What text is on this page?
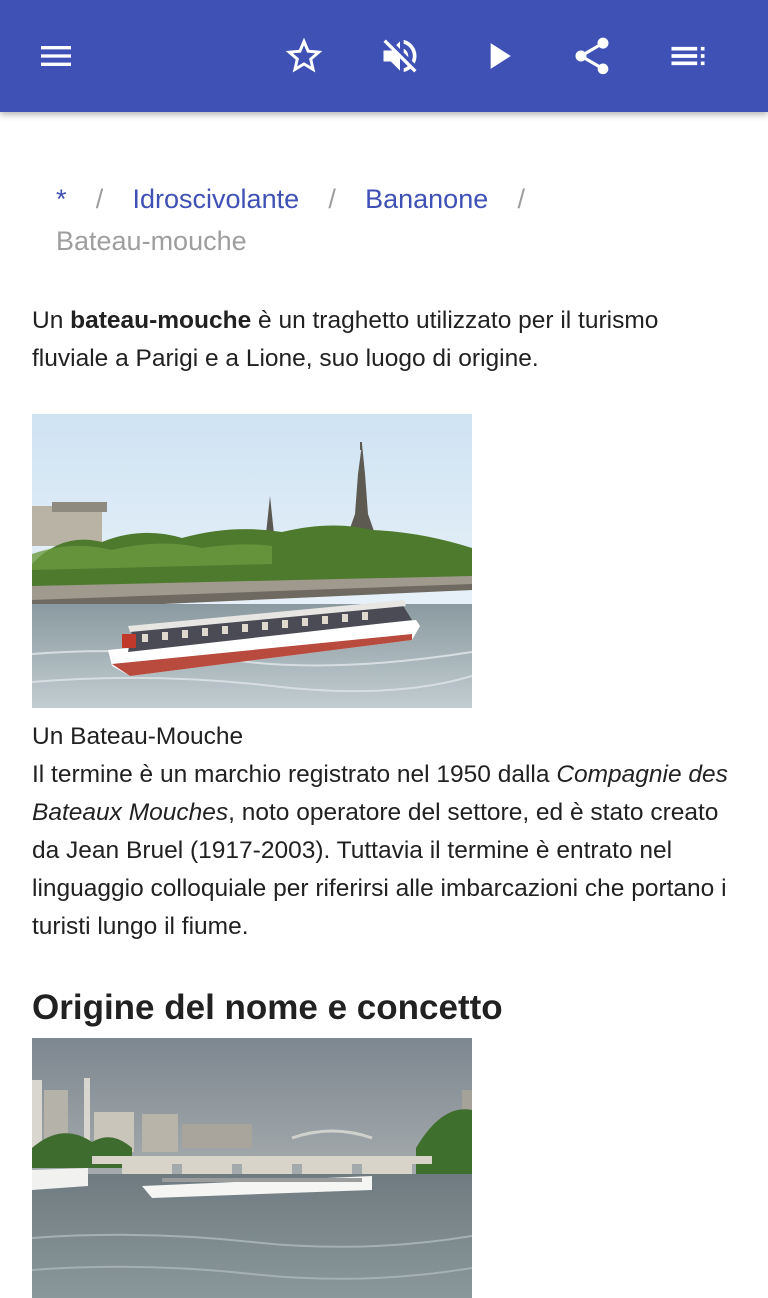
* / Idroscivolante / Bananone /
Bateau-mouche

Un bateau-mouche è un traghetto utilizzato per il turismo fluviale a Parigi e a Lione, suo luogo di origine.

Un Bateau-Mouche

Il termine è un marchio registrato nel 1950 dalla Compagnie des Bateaux Mouches, noto operatore del settore, ed è stato creato da Jean Bruel (1917-2003). Tuttavia il termine è entrato nel linguaggio colloquiale per riferirsi alle imbarcazioni che portano i turisti lungo il fiume.

Origine del nome e concetto
